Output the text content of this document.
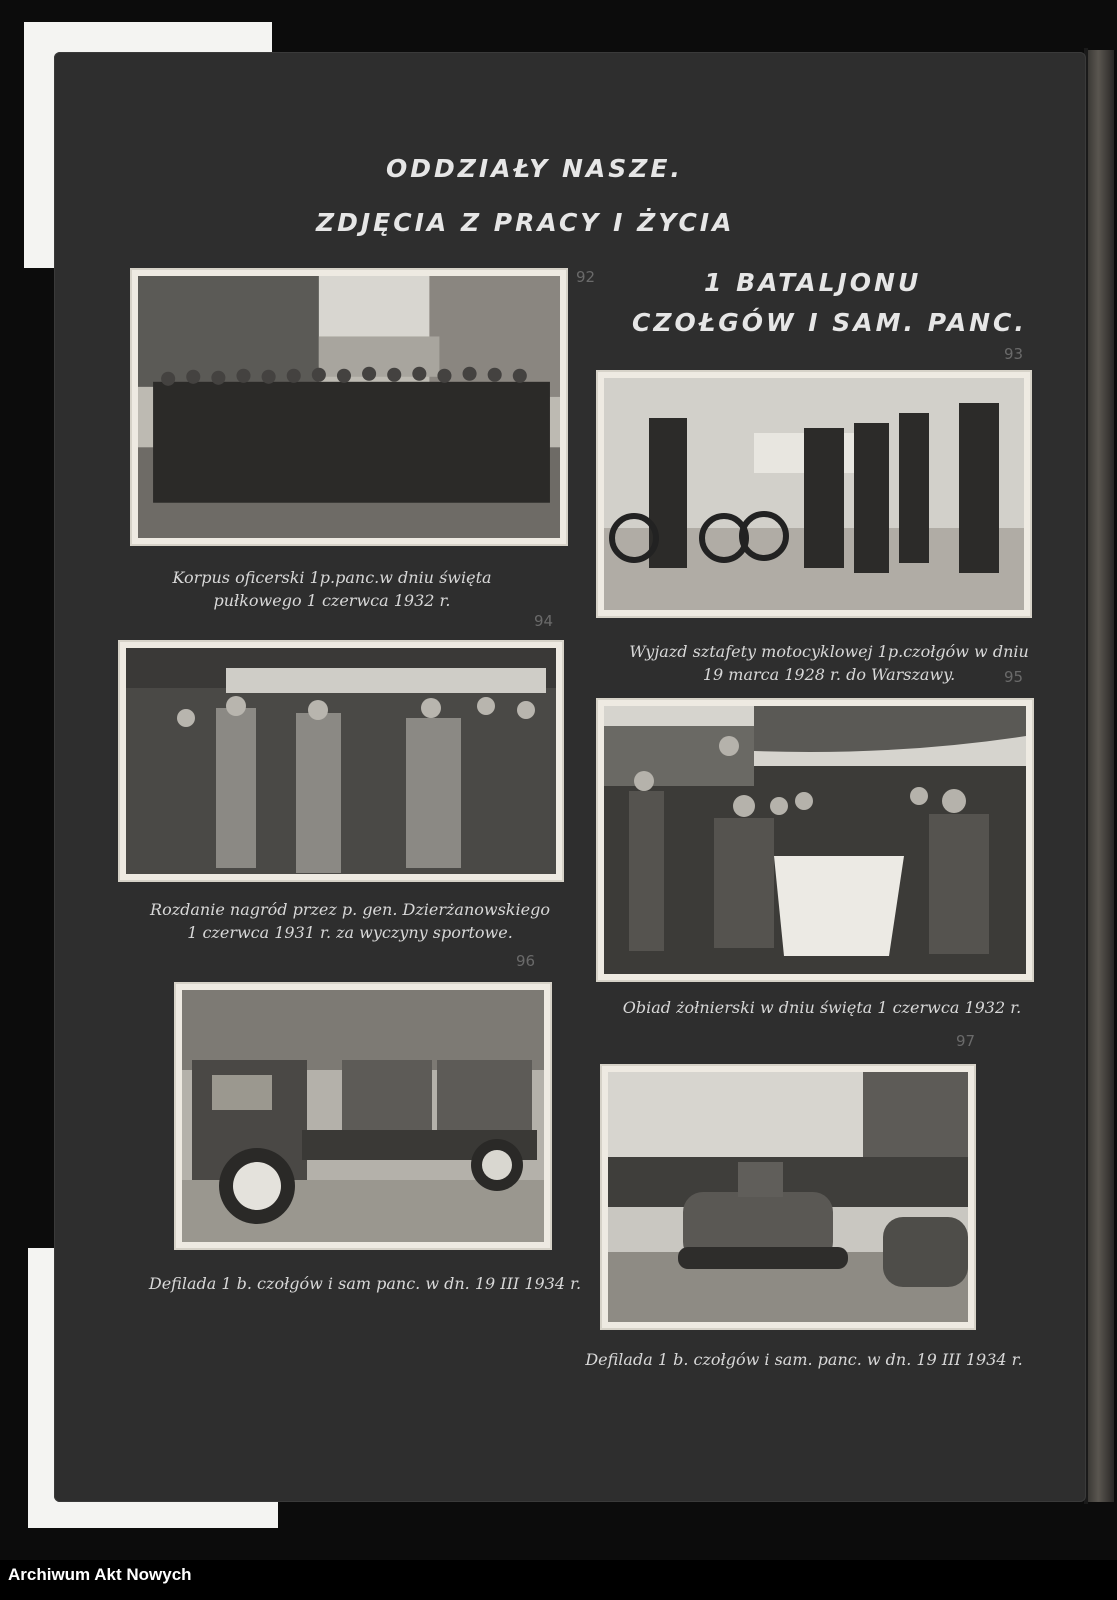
ODDZIAŁY NASZE.
ZDJĘCIA Z PRACY I ŻYCIA
1 BATALJONU
CZOŁGÓW I SAM. PANC.
92
93
94
95
96
97
Korpus oficerski 1p.panc.w dniu święta
pułkowego 1 czerwca 1932 r.
Wyjazd sztafety motocyklowej 1p.czołgów w dniu
19 marca 1928 r. do Warszawy.
Rozdanie nagród przez p. gen. Dzierżanowskiego
1 czerwca 1931 r. za wyczyny sportowe.
Obiad żołnierski w dniu święta 1 czerwca 1932 r.
Defilada 1 b. czołgów i sam panc. w dn. 19 III 1934 r.
Defilada 1 b. czołgów i sam. panc. w dn. 19 III 1934 r.
Archiwum Akt Nowych
